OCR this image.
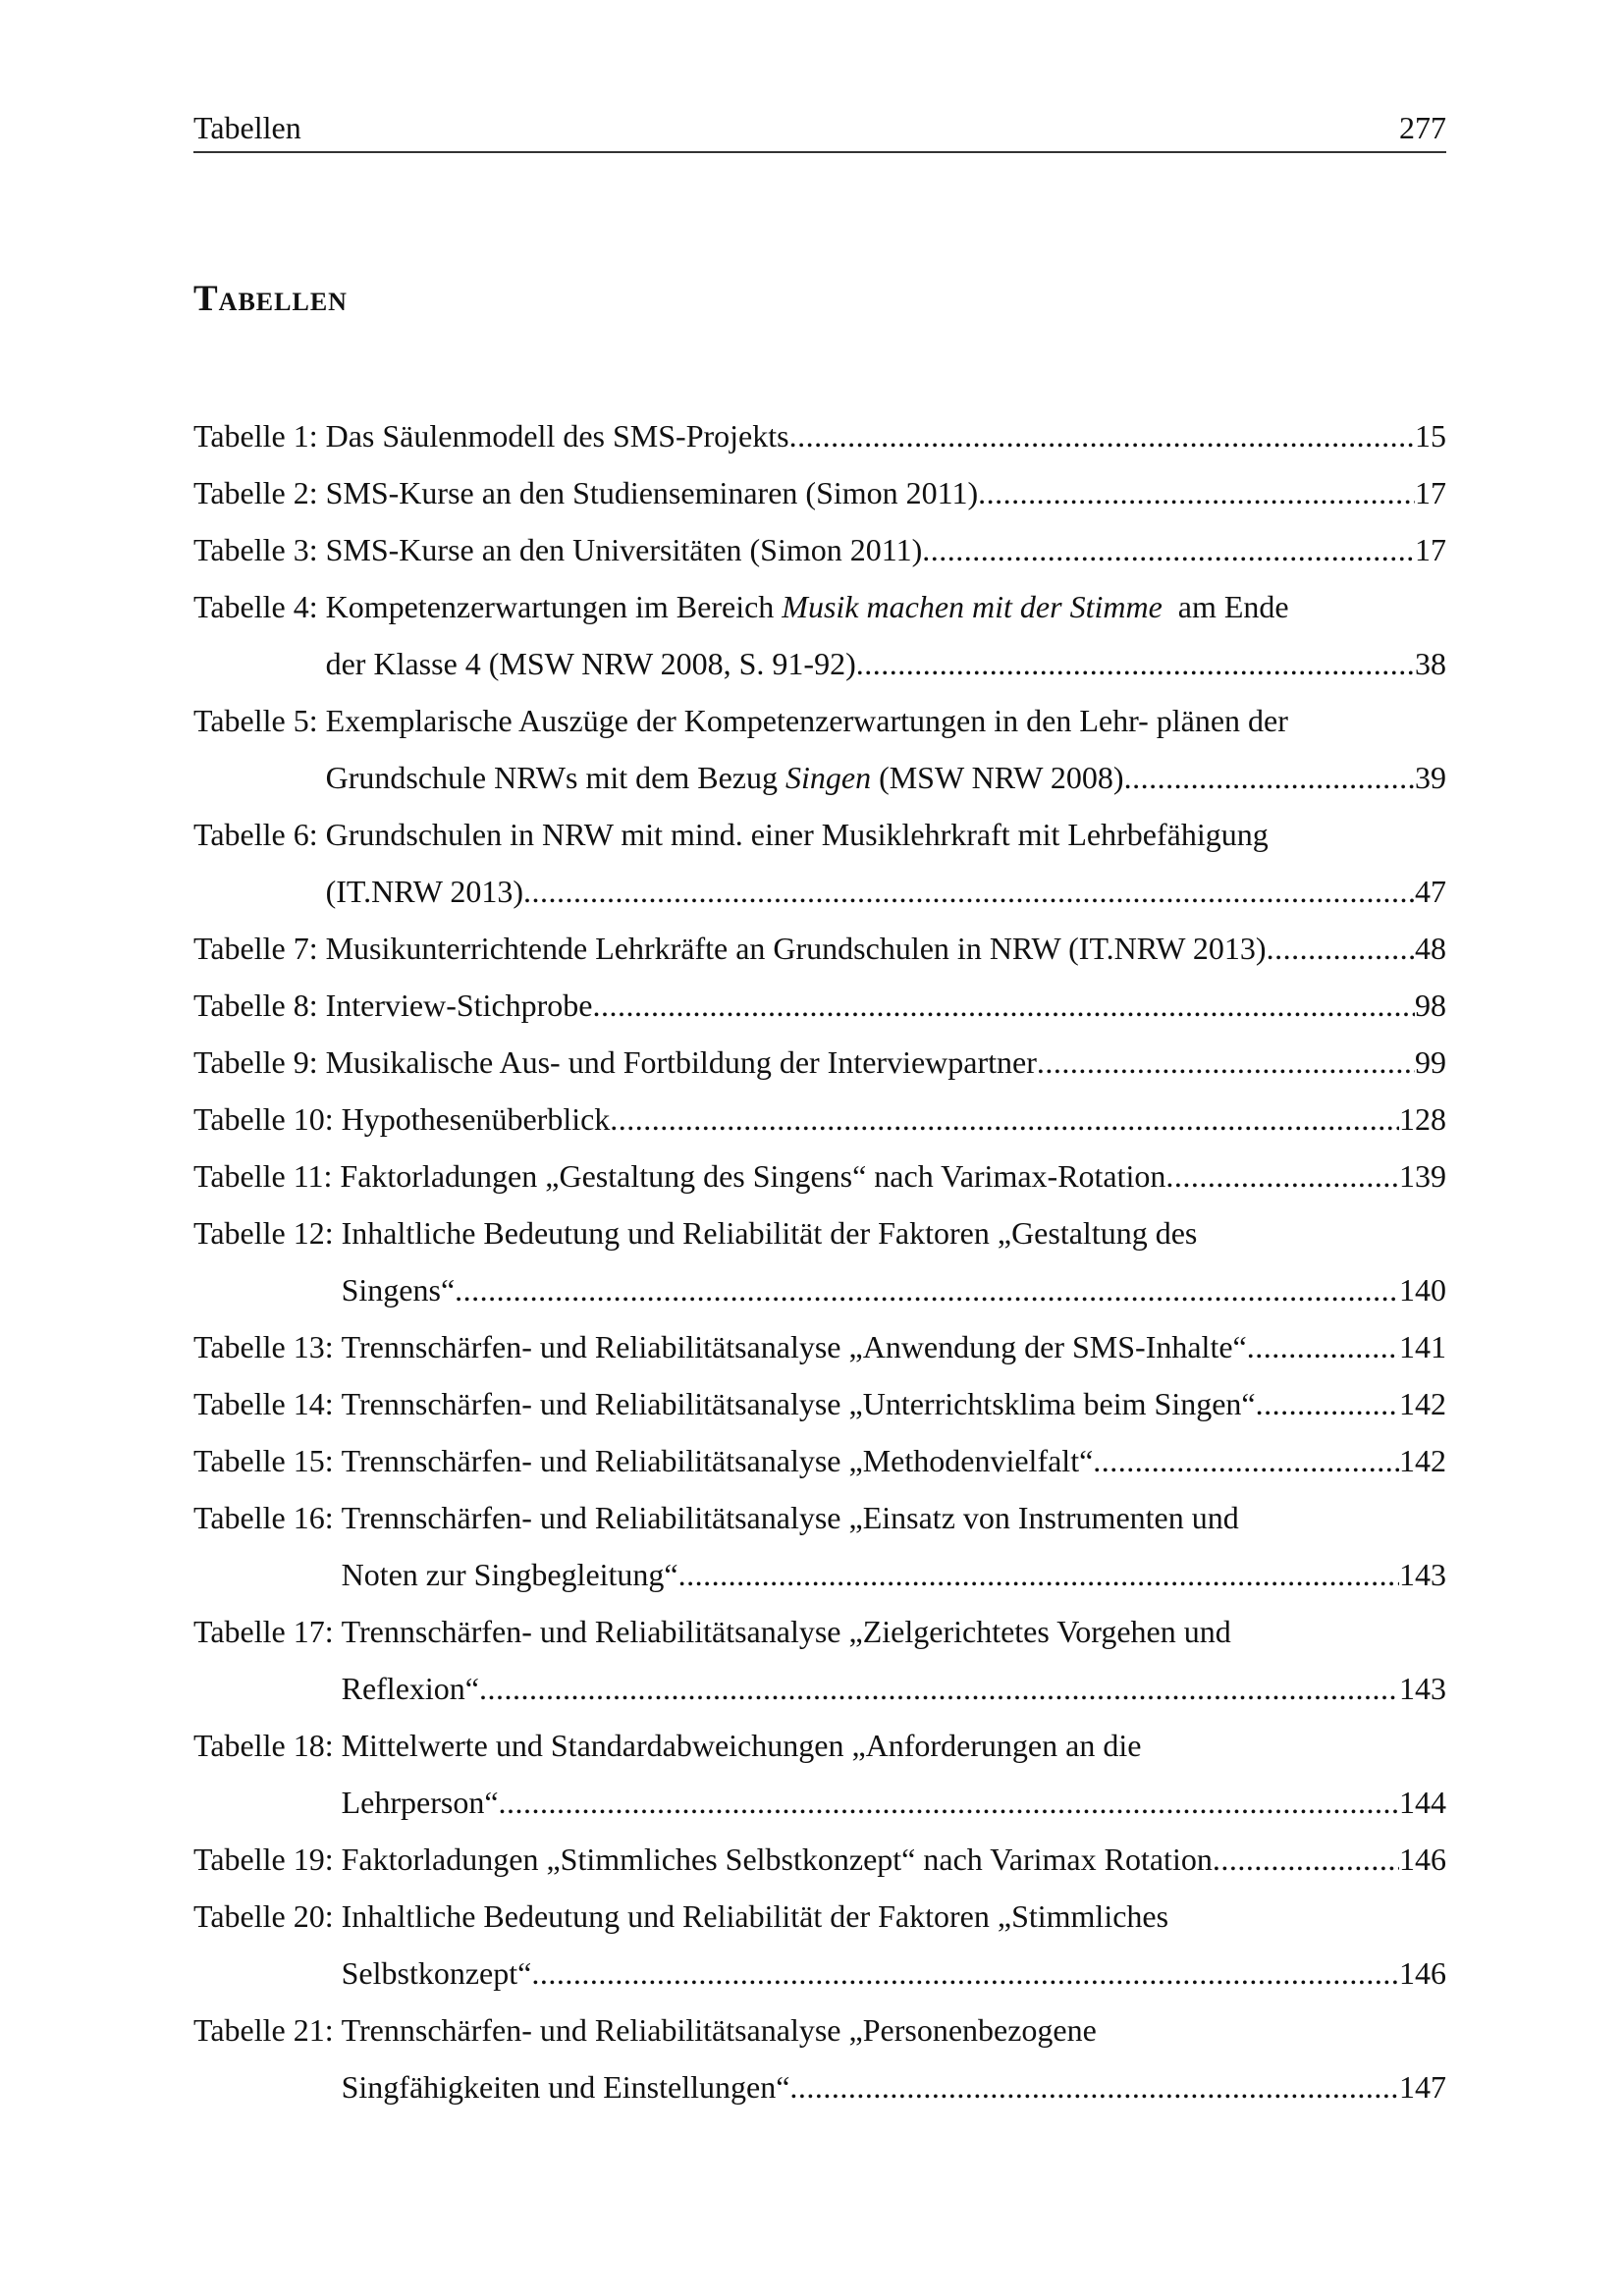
Tabellen	277
Tabellen
Tabelle 1: Das Säulenmodell des SMS-Projekts .....	15
Tabelle 2: SMS-Kurse an den Studienseminaren (Simon 2011) .....	17
Tabelle 3: SMS-Kurse an den Universitäten (Simon 2011) .....	17
Tabelle 4: Kompetenzerwartungen im Bereich Musik machen mit der Stimme  am Ende
der Klasse 4 (MSW NRW 2008, S. 91-92) .....	38
Tabelle 5: Exemplarische Auszüge der Kompetenzerwartungen in den Lehr- plänen der
Grundschule NRWs mit dem Bezug Singen (MSW NRW 2008) .....	39
Tabelle 6: Grundschulen in NRW mit mind. einer Musiklehrkraft mit Lehrbefähigung
(IT.NRW 2013) .....	47
Tabelle 7: Musikunterrichtende Lehrkräfte an Grundschulen in NRW (IT.NRW 2013) .....	48
Tabelle 8: Interview-Stichprobe .....	98
Tabelle 9: Musikalische Aus- und Fortbildung der Interviewpartner .....	99
Tabelle 10: Hypothesenüberblick .....	128
Tabelle 11: Faktorladungen „Gestaltung des Singens“ nach Varimax-Rotation .....	139
Tabelle 12: Inhaltliche Bedeutung und Reliabilität der Faktoren „Gestaltung des
Singens“ .....	140
Tabelle 13: Trennschärfen- und Reliabilitätsanalyse „Anwendung der SMS-Inhalte“ .....	141
Tabelle 14: Trennschärfen- und Reliabilitätsanalyse „Unterrichtsklima beim Singen“ .....	142
Tabelle 15: Trennschärfen- und Reliabilitätsanalyse „Methodenvielfalt“ .....	142
Tabelle 16: Trennschärfen- und Reliabilitätsanalyse „Einsatz von Instrumenten und
Noten zur Singbegleitung“ .....	143
Tabelle 17: Trennschärfen- und Reliabilitätsanalyse „Zielgerichtetes Vorgehen und
Reflexion“ .....	143
Tabelle 18: Mittelwerte und Standardabweichungen „Anforderungen an die
Lehrperson“ .....	144
Tabelle 19: Faktorladungen „Stimmliches Selbstkonzept“ nach Varimax Rotation .....	146
Tabelle 20: Inhaltliche Bedeutung und Reliabilität der Faktoren „Stimmliches
Selbstkonzept“ .....	146
Tabelle 21: Trennschärfen- und Reliabilitätsanalyse „Personenbezogene
Singfähigkeiten und Einstellungen“ .....	147
